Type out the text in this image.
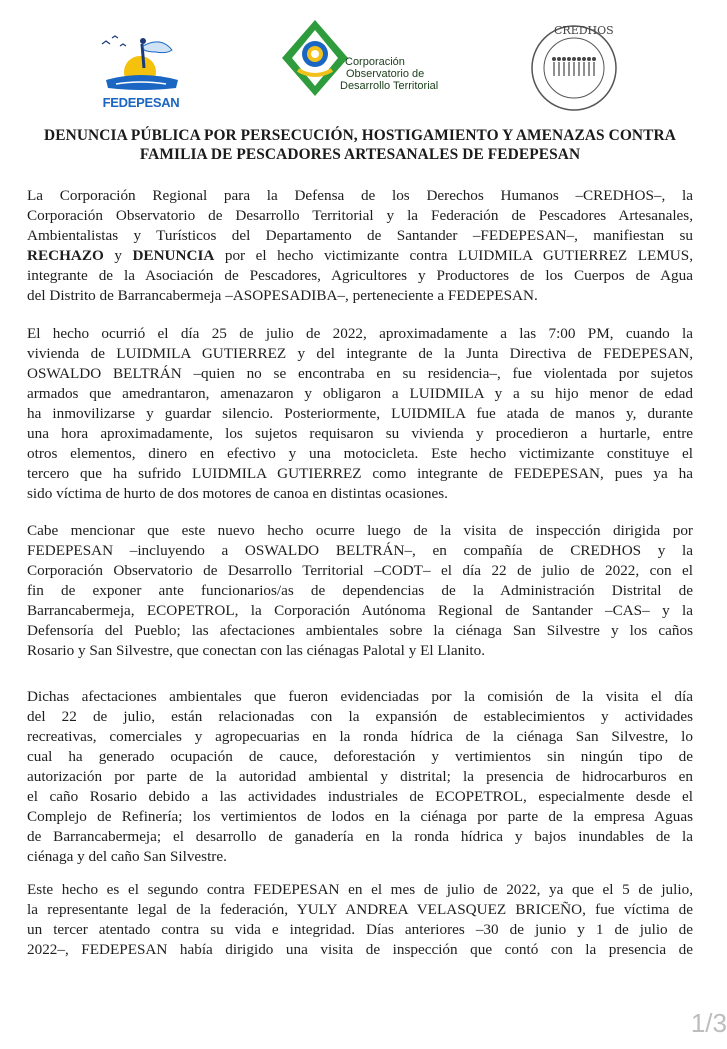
FEDEPESAN
Corporación
Observatorio de
Desarrollo Territorial
CREDHOS
DENUNCIA PÚBLICA POR PERSECUCIÓN, HOSTIGAMIENTO Y AMENAZAS CONTRA
FAMILIA DE PESCADORES ARTESANALES DE FEDEPESAN
La Corporación Regional para la Defensa de los Derechos Humanos –CREDHOS–, la
Corporación Observatorio de Desarrollo Territorial y la Federación de Pescadores Artesanales,
Ambientalistas y Turísticos del Departamento de Santander –FEDEPESAN–, manifiestan su
RECHAZO y DENUNCIA por el hecho victimizante contra LUIDMILA GUTIERREZ LEMUS,
integrante de la Asociación de Pescadores, Agricultores y Productores de los Cuerpos de Agua
del Distrito de Barrancabermeja –ASOPESADIBA–, perteneciente a FEDEPESAN.
El hecho ocurrió el día 25 de julio de 2022, aproximadamente a las 7:00 PM, cuando la
vivienda de LUIDMILA GUTIERREZ y del integrante de la Junta Directiva de FEDEPESAN,
OSWALDO BELTRÁN –quien no se encontraba en su residencia–, fue violentada por sujetos
armados que amedrantaron, amenazaron y obligaron a LUIDMILA y a su hijo menor de edad
ha inmovilizarse y guardar silencio. Posteriormente, LUIDMILA fue atada de manos y, durante
una hora aproximadamente, los sujetos requisaron su vivienda y procedieron a hurtarle, entre
otros elementos, dinero en efectivo y una motocicleta. Este hecho victimizante constituye el
tercero que ha sufrido LUIDMILA GUTIERREZ como integrante de FEDEPESAN, pues ya ha
sido víctima de hurto de dos motores de canoa en distintas ocasiones.
Cabe mencionar que este nuevo hecho ocurre luego de la visita de inspección dirigida por
FEDEPESAN –incluyendo a OSWALDO BELTRÁN–, en compañía de CREDHOS y la
Corporación Observatorio de Desarrollo Territorial –CODT– el día 22 de julio de 2022, con el
fin de exponer ante funcionarios/as de dependencias de la Administración Distrital de
Barrancabermeja, ECOPETROL, la Corporación Autónoma Regional de Santander –CAS– y la
Defensoría del Pueblo; las afectaciones ambientales sobre la ciénaga San Silvestre y los caños
Rosario y San Silvestre, que conectan con las ciénagas Palotal y El Llanito.
Dichas afectaciones ambientales que fueron evidenciadas por la comisión de la visita el día
del 22 de julio, están relacionadas con la expansión de establecimientos y actividades
recreativas, comerciales y agropecuarias en la ronda hídrica de la ciénaga San Silvestre, lo
cual ha generado ocupación de cauce, deforestación y vertimientos sin ningún tipo de
autorización por parte de la autoridad ambiental y distrital; la presencia de hidrocarburos en
el caño Rosario debido a las actividades industriales de ECOPETROL, especialmente desde el
Complejo de Refinería; los vertimientos de lodos en la ciénaga por parte de la empresa Aguas
de Barrancabermeja; el desarrollo de ganadería en la ronda hídrica y bajos inundables de la
ciénaga y del caño San Silvestre.
Este hecho es el segundo contra FEDEPESAN en el mes de julio de 2022, ya que el 5 de julio,
la representante legal de la federación, YULY ANDREA VELASQUEZ BRICEÑO, fue víctima de
un tercer atentado contra su vida e integridad. Días anteriores –30 de junio y 1 de julio de
2022–, FEDEPESAN había dirigido una visita de inspección que contó con la presencia de
1/3
